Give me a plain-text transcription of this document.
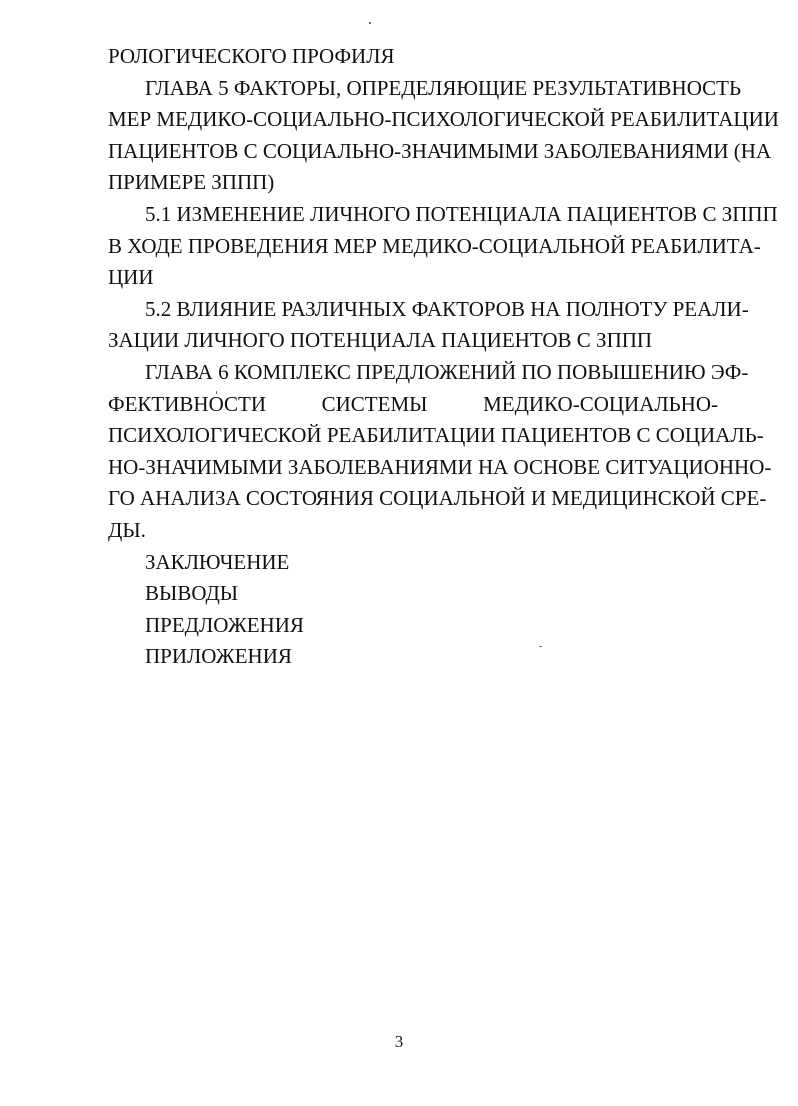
РОЛОГИЧЕСКОГО ПРОФИЛЯ
ГЛАВА 5 ФАКТОРЫ, ОПРЕДЕЛЯЮЩИЕ РЕЗУЛЬТАТИВНОСТЬ
МЕР МЕДИКО-СОЦИАЛЬНО-ПСИХОЛОГИЧЕСКОЙ РЕАБИЛИТАЦИИ
ПАЦИЕНТОВ С СОЦИАЛЬНО-ЗНАЧИМЫМИ ЗАБОЛЕВАНИЯМИ (НА
ПРИМЕРЕ ЗППП)
5.1 ИЗМЕНЕНИЕ ЛИЧНОГО ПОТЕНЦИАЛА ПАЦИЕНТОВ С ЗППП
В ХОДЕ ПРОВЕДЕНИЯ МЕР МЕДИКО-СОЦИАЛЬНОЙ РЕАБИЛИТА-
ЦИИ
5.2 ВЛИЯНИЕ РАЗЛИЧНЫХ ФАКТОРОВ НА ПОЛНОТУ РЕАЛИ-
ЗАЦИИ ЛИЧНОГО ПОТЕНЦИАЛА ПАЦИЕНТОВ С ЗППП
ГЛАВА 6 КОМПЛЕКС ПРЕДЛОЖЕНИЙ ПО ПОВЫШЕНИЮ ЭФ-
ФЕКТИВНОСТИ СИСТЕМЫ МЕДИКО-СОЦИАЛЬНО-
ПСИХОЛОГИЧЕСКОЙ РЕАБИЛИТАЦИИ ПАЦИЕНТОВ С СОЦИАЛЬ-
НО-ЗНАЧИМЫМИ ЗАБОЛЕВАНИЯМИ НА ОСНОВЕ СИТУАЦИОННО-
ГО АНАЛИЗА СОСТОЯНИЯ СОЦИАЛЬНОЙ И МЕДИЦИНСКОЙ СРЕ-
ДЫ.
ЗАКЛЮЧЕНИЕ
ВЫВОДЫ
ПРЕДЛОЖЕНИЯ
ПРИЛОЖЕНИЯ
3
